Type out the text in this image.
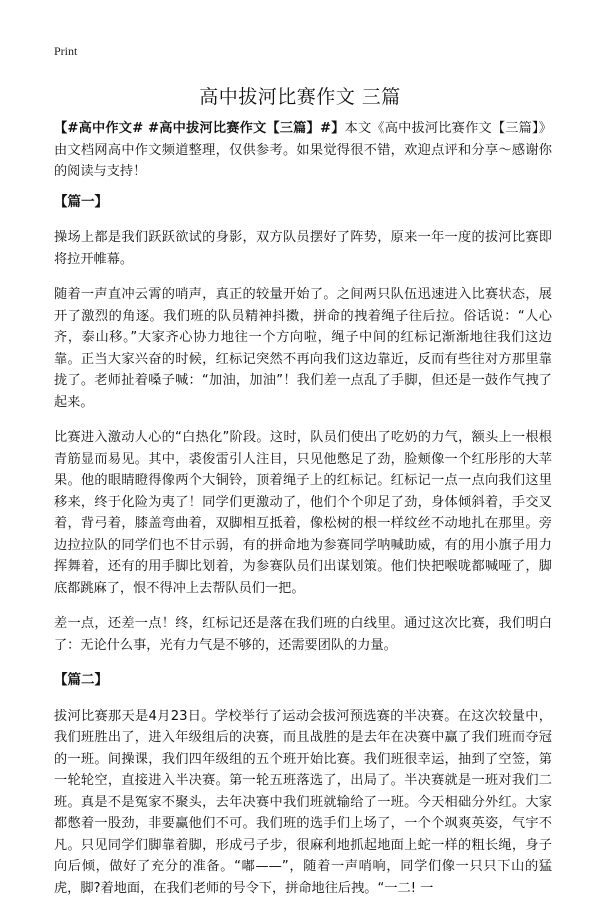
Print
高中拔河比赛作文 三篇

【#高中作文# #高中拔河比赛作文【三篇】#】本文《高中拔河比赛作文【三篇】》由文档网高中作文频道整理，仅供参考。如果觉得很不错，欢迎点评和分享～感谢你的阅读与支持！

【篇一】

操场上都是我们跃跃欲试的身影，双方队员摆好了阵势，原来一年一度的拔河比赛即将拉开帷幕。

随着一声直冲云霄的哨声，真正的较量开始了。之间两只队伍迅速进入比赛状态，展开了激烈的角逐。我们班的队员精神抖擞，拼命的拽着绳子往后拉。俗话说：“人心齐，泰山移。”大家齐心协力地往一个方向啦，绳子中间的红标记渐渐地往我们这边靠。正当大家兴奋的时候，红标记突然不再向我们这边靠近，反而有些往对方那里靠拢了。老师扯着嗓子喊：“加油，加油”！我们差一点乱了手脚，但还是一鼓作气拽了起来。

比赛进入激动人心的“白热化”阶段。这时，队员们使出了吃奶的力气，额头上一根根青筋显而易见。其中，裘俊雷引人注目，只见他憋足了劲，脸颊像一个红彤彤的大苹果。他的眼睛瞪得像两个大铜铃，顶着绳子上的红标记。红标记一点一点向我们这里移来，终于化险为夷了！同学们更激动了，他们个个卯足了劲，身体倾斜着，手交叉着，背弓着，膝盖弯曲着，双脚相互抵着，像松树的根一样纹丝不动地扎在那里。旁边拉拉队的同学们也不甘示弱，有的拼命地为参赛同学呐喊助威，有的用小旗子用力挥舞着，还有的用手脚比划着，为参赛队员们出谋划策。他们快把喉咙都喊哑了，脚底都跳麻了，恨不得冲上去帮队员们一把。

差一点，还差一点！终，红标记还是落在我们班的白线里。通过这次比赛，我们明白了：无论什么事，光有力气是不够的，还需要团队的力量。

【篇二】

拔河比赛那天是4月23日。学校举行了运动会拔河预选赛的半决赛。在这次较量中，我们班胜出了，进入年级组后的决赛，而且战胜的是去年在决赛中赢了我们班而夺冠的一班。间操课，我们四年级组的五个班开始比赛。我们班很幸运，抽到了空签，第一轮轮空，直接进入半决赛。第一轮五班落选了，出局了。半决赛就是一班对我们二班。真是不是冤家不聚头，去年决赛中我们班就输给了一班。今天相础分外红。大家都憋着一股劲，非要赢他们不可。我们班的选手们上场了，一个个飒爽英姿，气宇不凡。只见同学们脚靠着脚，形成弓子步，很麻利地抓起地面上蛇一样的粗长绳，身子向后倾，做好了充分的准备。“嘟——”，随着一声哨响，同学们像一只只下山的猛虎，脚?着地面，在我们老师的号令下，拼命地往后拽。“一二! 一
